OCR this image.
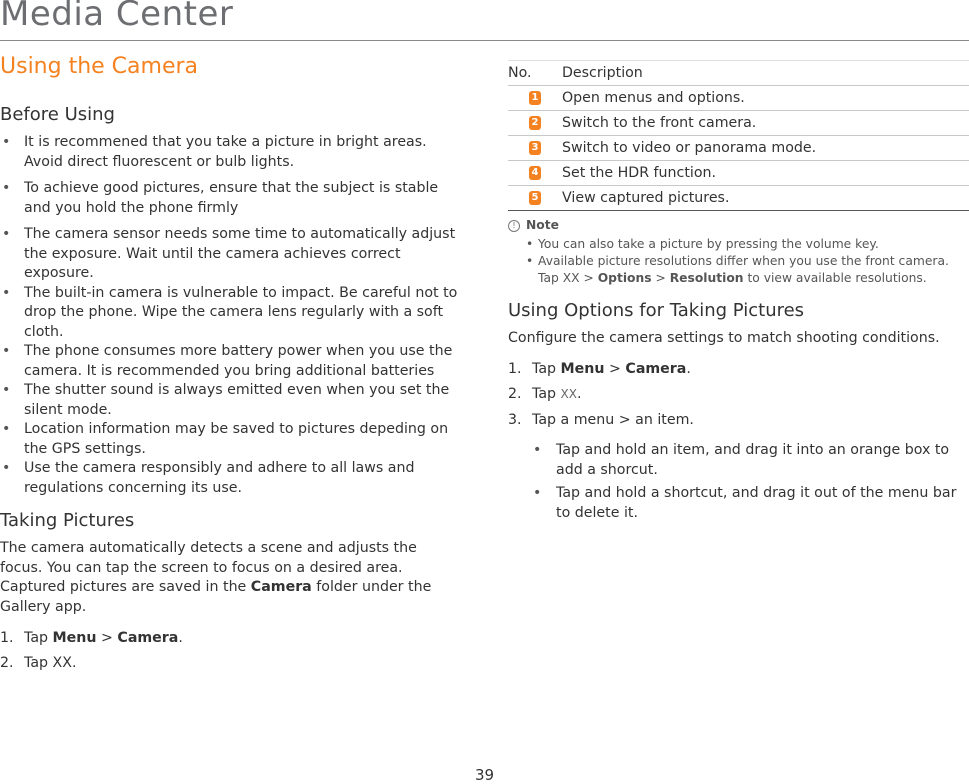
Media Center
Using the Camera
Before Using
• It is recommened that you take a picture in bright areas. Avoid direct fluorescent or bulb lights.
• To achieve good pictures, ensure that the subject is stable and you hold the phone firmly
• The camera sensor needs some time to automatically adjust the exposure. Wait until the camera achieves correct exposure.
• The built-in camera is vulnerable to impact. Be careful not to drop the phone. Wipe the camera lens regularly with a soft cloth.
• The phone consumes more battery power when you use the camera. It is recommended you bring additional batteries
• The shutter sound is always emitted even when you set the silent mode.
• Location information may be saved to pictures depeding on the GPS settings.
• Use the camera responsibly and adhere to all laws and regulations concerning its use.
Taking Pictures

The camera automatically detects a scene and adjusts the focus. You can tap the screen to focus on a desired area. Captured pictures are saved in the Camera folder under the Gallery app.

1. Tap Menu > Camera.
2. Tap XX.
No.	Description
1	Open menus and options.
2	Switch to the front camera.
3	Switch to video or panorama mode.
4	Set the HDR function.
5	View captured pictures.
! Note
• You can also take a picture by pressing the volume key.
• Available picture resolutions differ when you use the front camera. Tap XX > Options > Resolution to view available resolutions.
Using Options for Taking Pictures

Configure the camera settings to match shooting conditions.

1. Tap Menu > Camera.
2. Tap XX.
3. Tap a menu > an item.
• Tap and hold an item, and drag it into an orange box to add a shorcut.
• Tap and hold a shortcut, and drag it out of the menu bar to delete it.
39
